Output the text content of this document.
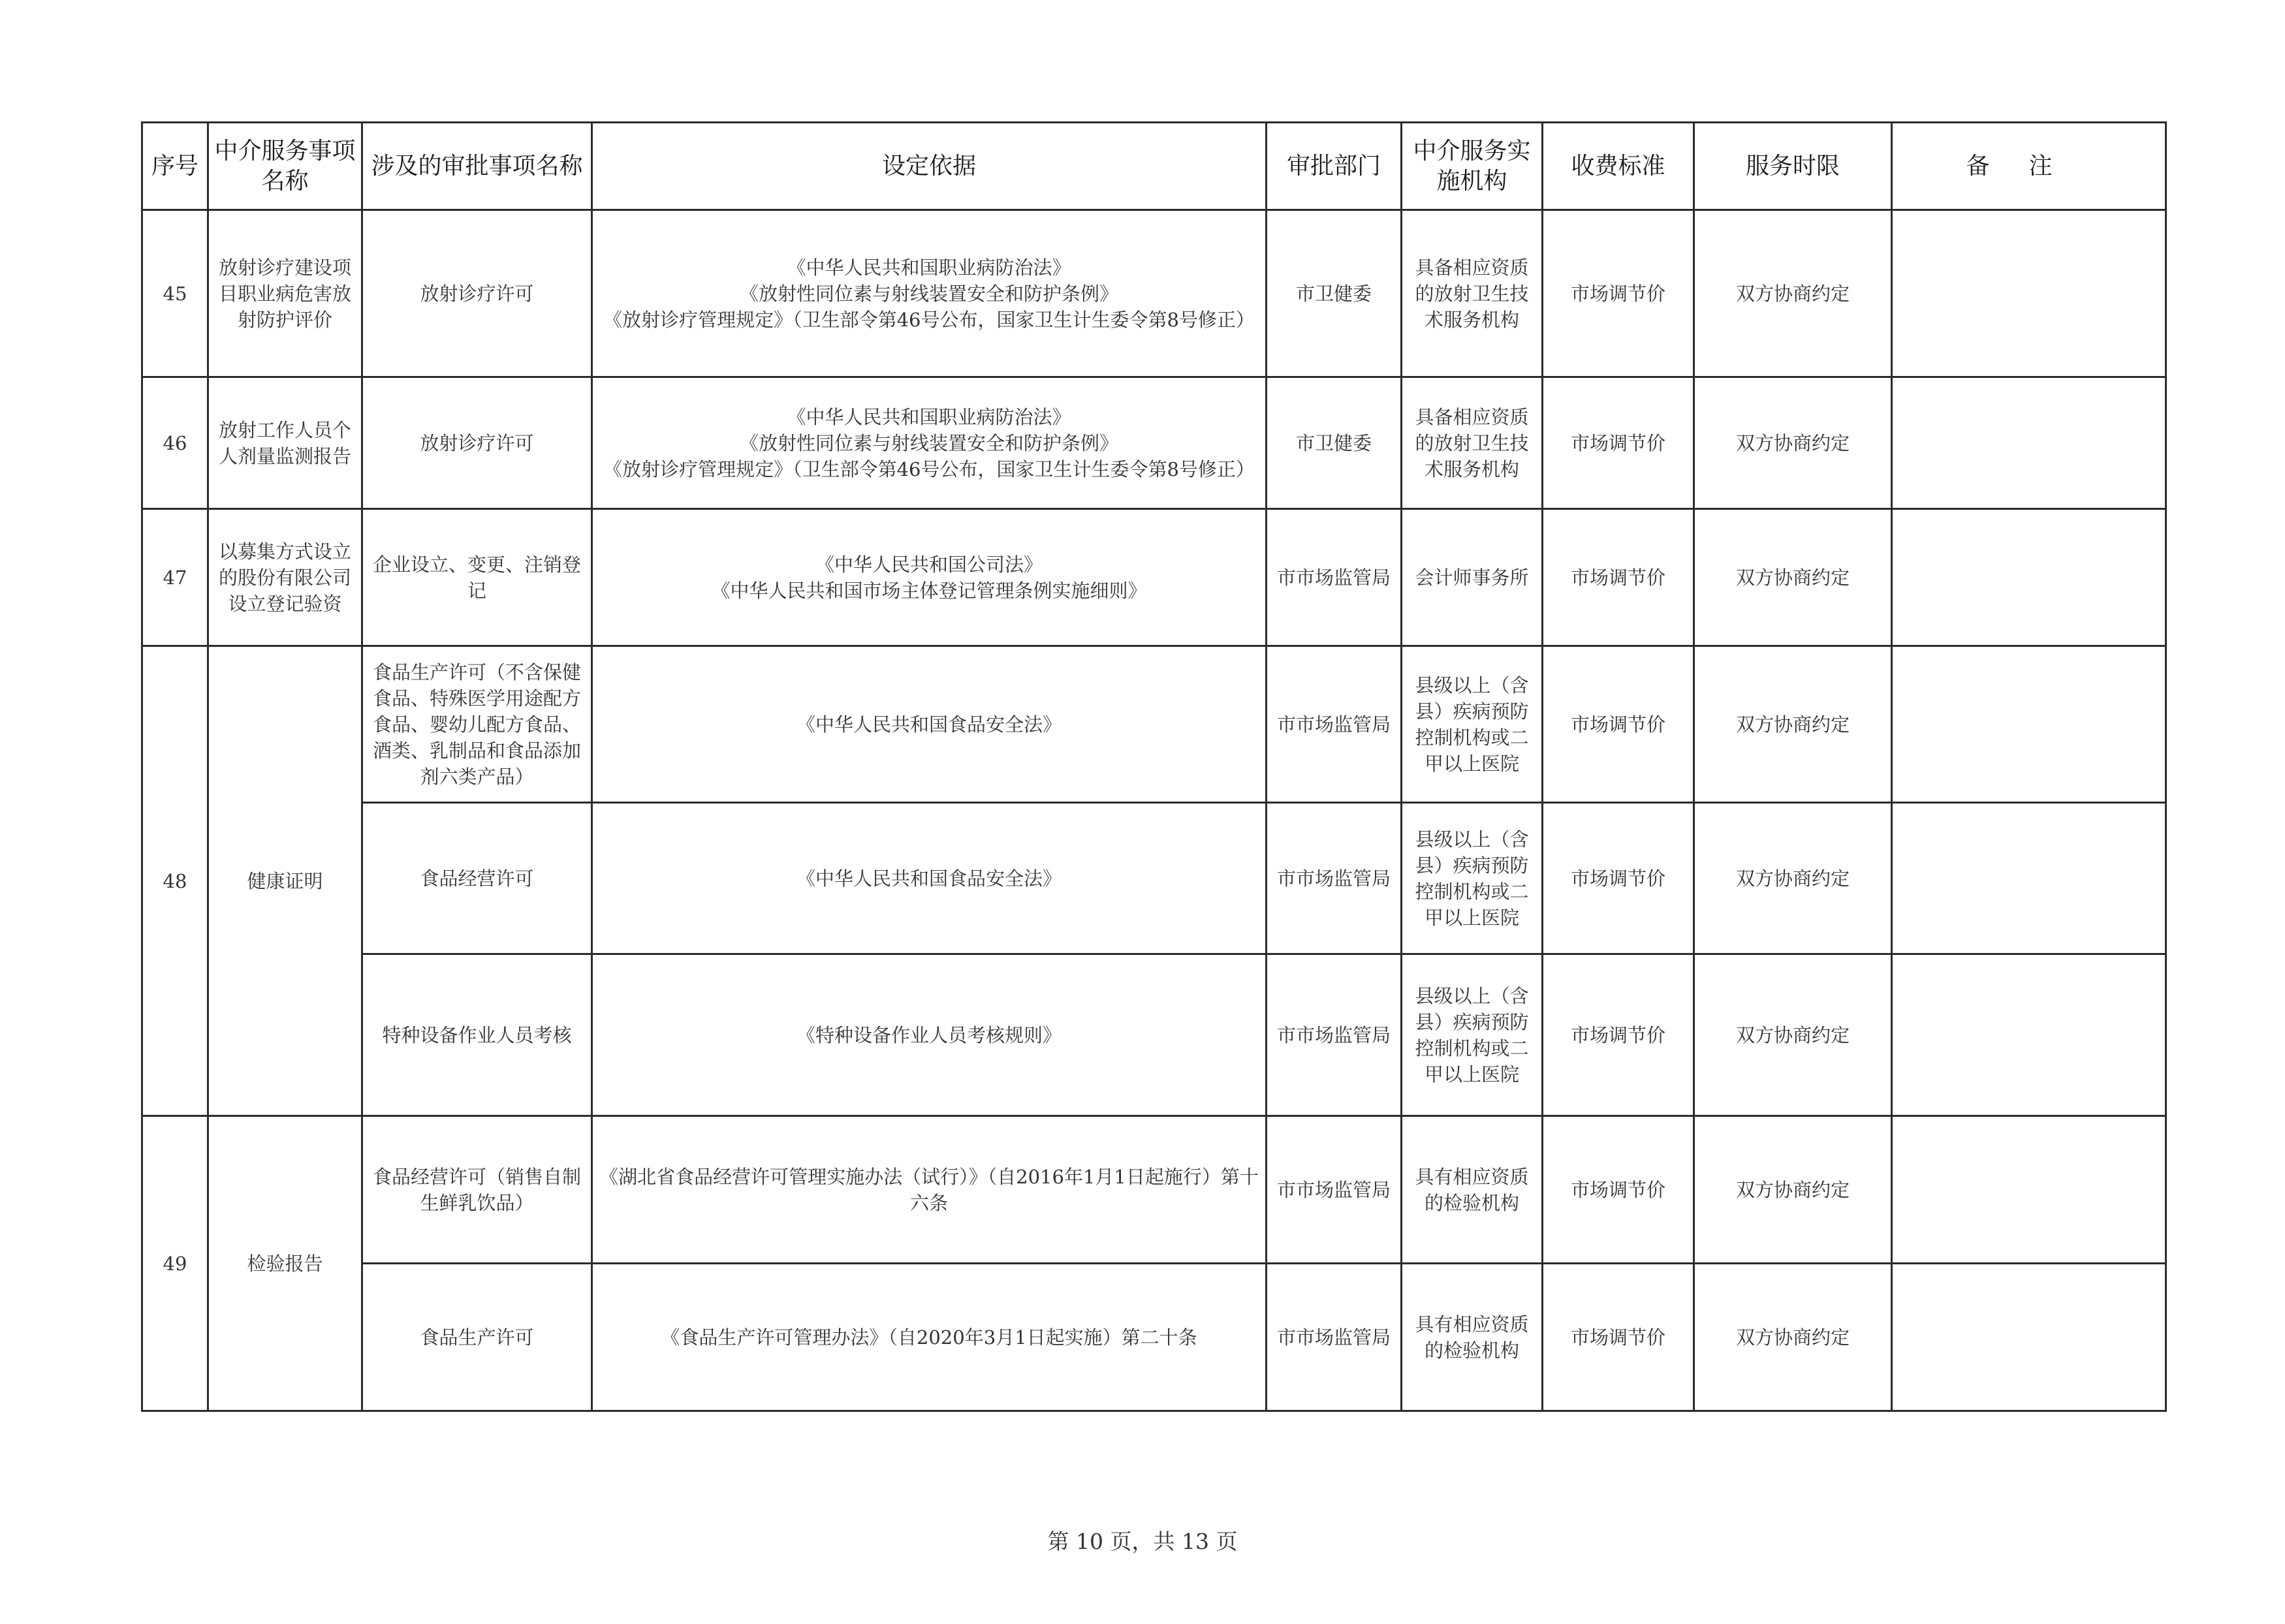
序号	中介服务事项名称	涉及的审批事项名称	设定依据	审批部门	中介服务实施机构	收费标准	服务时限	备注
45	放射诊疗建设项目职业病危害放射防护评价	放射诊疗许可	《中华人民共和国职业病防治法》
《放射性同位素与射线装置安全和防护条例》
《放射诊疗管理规定》（卫生部令第46号公布，国家卫生计生委令第8号修正）	市卫健委	具备相应资质的放射卫生技术服务机构	市场调节价	双方协商约定	
46	放射工作人员个人剂量监测报告	放射诊疗许可	《中华人民共和国职业病防治法》
《放射性同位素与射线装置安全和防护条例》
《放射诊疗管理规定》（卫生部令第46号公布，国家卫生计生委令第8号修正）	市卫健委	具备相应资质的放射卫生技术服务机构	市场调节价	双方协商约定	
47	以募集方式设立的股份有限公司设立登记验资	企业设立、变更、注销登记	《中华人民共和国公司法》
《中华人民共和国市场主体登记管理条例实施细则》	市市场监管局	会计师事务所	市场调节价	双方协商约定	
48	健康证明	食品生产许可（不含保健食品、特殊医学用途配方食品、婴幼儿配方食品、酒类、乳制品和食品添加剂六类产品）	《中华人民共和国食品安全法》	市市场监管局	县级以上（含县）疾病预防控制机构或二甲以上医院	市场调节价	双方协商约定	
		食品经营许可	《中华人民共和国食品安全法》	市市场监管局	县级以上（含县）疾病预防控制机构或二甲以上医院	市场调节价	双方协商约定	
		特种设备作业人员考核	《特种设备作业人员考核规则》	市市场监管局	县级以上（含县）疾病预防控制机构或二甲以上医院	市场调节价	双方协商约定	
49	检验报告	食品经营许可（销售自制生鲜乳饮品）	《湖北省食品经营许可管理实施办法（试行）》（自2016年1月1日起施行）第十六条	市市场监管局	具有相应资质的检验机构	市场调节价	双方协商约定	
		食品生产许可	《食品生产许可管理办法》（自2020年3月1日起实施）第二十条	市市场监管局	具有相应资质的检验机构	市场调节价	双方协商约定	
第 10 页，共 13 页
